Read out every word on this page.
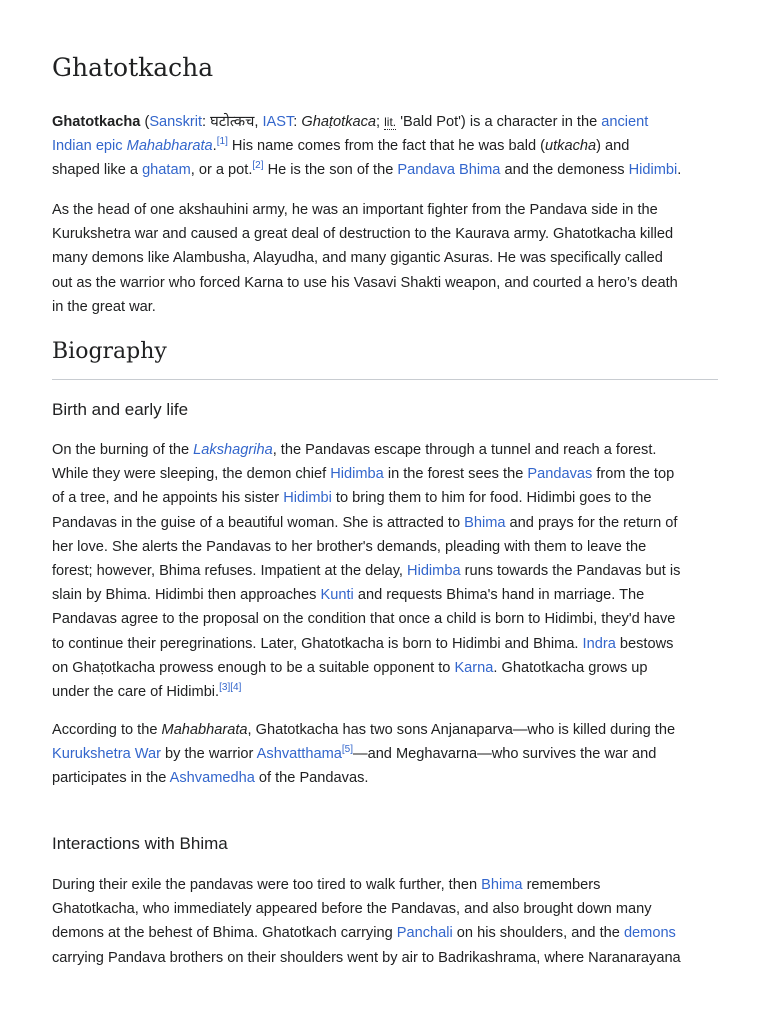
Ghatotkacha

Ghatotkacha (Sanskrit: घटोत्कच, IAST: Ghaṭotkaca; lit. 'Bald Pot') is a character in the ancient
Indian epic Mahabharata.[1] His name comes from the fact that he was bald (utkacha) and
shaped like a ghatam, or a pot.[2] He is the son of the Pandava Bhima and the demoness Hidimbi.

As the head of one akshauhini army, he was an important fighter from the Pandava side in the
Kurukshetra war and caused a great deal of destruction to the Kaurava army. Ghatotkacha killed
many demons like Alambusha, Alayudha, and many gigantic Asuras. He was specifically called
out as the warrior who forced Karna to use his Vasavi Shakti weapon, and courted a hero’s death
in the great war.

Biography
Birth and early life

On the burning of the Lakshagriha, the Pandavas escape through a tunnel and reach a forest.
While they were sleeping, the demon chief Hidimba in the forest sees the Pandavas from the top
of a tree, and he appoints his sister Hidimbi to bring them to him for food. Hidimbi goes to the
Pandavas in the guise of a beautiful woman. She is attracted to Bhima and prays for the return of
her love. She alerts the Pandavas to her brother's demands, pleading with them to leave the
forest; however, Bhima refuses. Impatient at the delay, Hidimba runs towards the Pandavas but is
slain by Bhima. Hidimbi then approaches Kunti and requests Bhima's hand in marriage. The
Pandavas agree to the proposal on the condition that once a child is born to Hidimbi, they'd have
to continue their peregrinations. Later, Ghatotkacha is born to Hidimbi and Bhima. Indra bestows
on Ghaṭotkacha prowess enough to be a suitable opponent to Karna. Ghatotkacha grows up
under the care of Hidimbi.[3][4]

According to the Mahabharata, Ghatotkacha has two sons Anjanaparva—who is killed during the
Kurukshetra War by the warrior Ashvatthama[5]—and Meghavarna—who survives the war and
participates in the Ashvamedha of the Pandavas.

Interactions with Bhima

During their exile the pandavas were too tired to walk further, then Bhima remembers
Ghatotkacha, who immediately appeared before the Pandavas, and also brought down many
demons at the behest of Bhima. Ghatotkach carrying Panchali on his shoulders, and the demons
carrying Pandava brothers on their shoulders went by air to Badrikashrama, where Naranarayana
